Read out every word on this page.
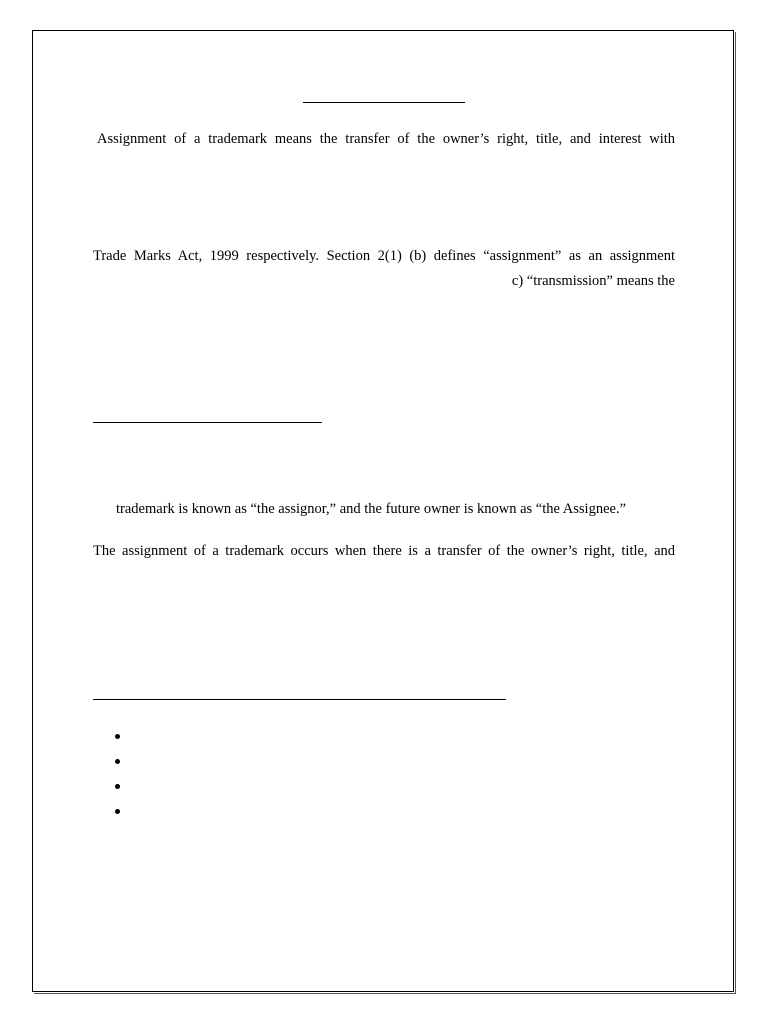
Assignment of a trademark means the transfer of the owner’s right, title, and interest with
Trade Marks Act, 1999 respectively. Section 2(1) (b) defines “assignment” as an assignment
c) “transmission” means the
trademark is known as “the assignor,” and the future owner is known as “the Assignee.”
The assignment of a trademark occurs when there is a transfer of the owner’s right, title, and
